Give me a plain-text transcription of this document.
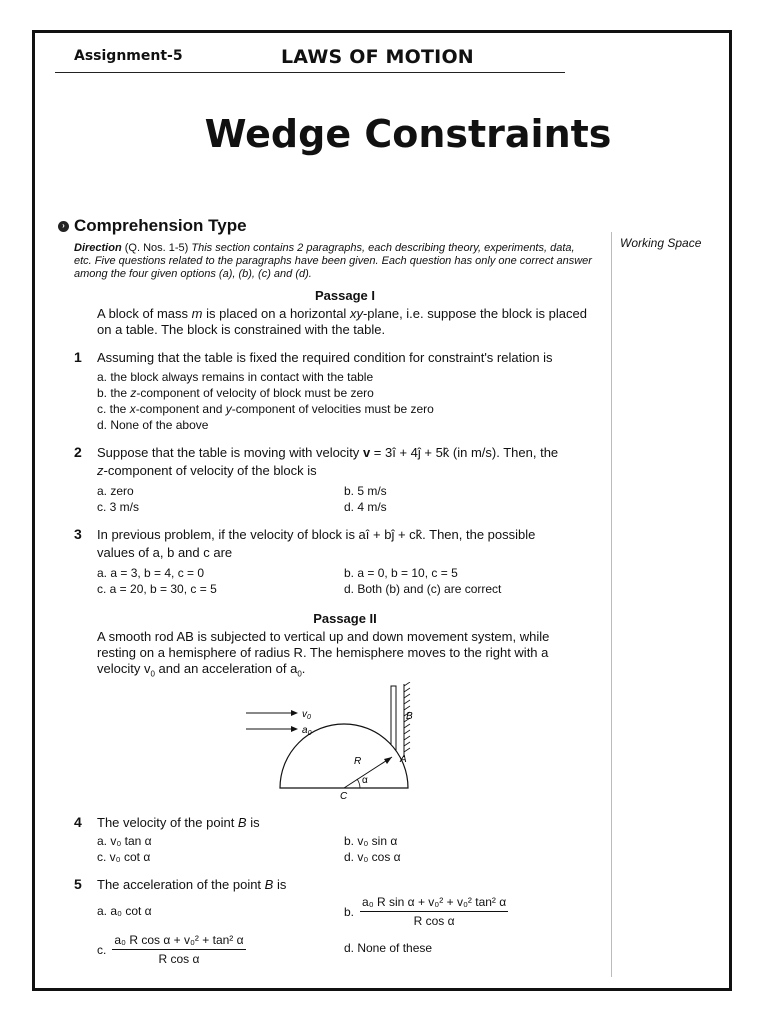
Assignment-5	LAWS OF MOTION
Wedge Constraints
› Comprehension Type
Working Space
Direction (Q. Nos. 1-5) This section contains 2 paragraphs, each describing theory, experiments, data, etc. Five questions related to the paragraphs have been given. Each question has only one correct answer among the four given options (a), (b), (c) and (d).
Passage I
A block of mass m is placed on a horizontal xy-plane, i.e. suppose the block is placed on a table. The block is constrained with the table.
1 Assuming that the table is fixed the required condition for constraint's relation is
a. the block always remains in contact with the table
b. the z-component of velocity of block must be zero
c. the x-component and y-component of velocities must be zero
d. None of the above
2 Suppose that the table is moving with velocity v = 3î + 4ĵ + 5k̂ (in m/s). Then, the
z-component of velocity of the block is
a. zero	b. 5 m/s
c. 3 m/s	d. 4 m/s
3 In previous problem, if the velocity of block is aî + bĵ + ck̂. Then, the possible
values of a, b and c are
a. a = 3, b = 4, c = 0	b. a = 0, b = 10, c = 5
c. a = 20, b = 30, c = 5	d. Both (b) and (c) are correct
Passage II
A smooth rod AB is subjected to vertical up and down movement system, while
resting on a hemisphere of radius R. The hemisphere moves to the right with a
velocity $v_0$ and an acceleration of $a_0$.
$v_0$
$a_0$
B
A
R
α
C
4 The velocity of the point B is
a. v₀ tan α	b. v₀ sin α
c. v₀ cot α	d. v₀ cos α
5 The acceleration of the point B is
a. a₀ cot α	b. $\frac{\text{a₀ R sin α + v₀² + v₀² tan² α}}{\text{R cos α}}$
c. $\frac{\text{a₀ R cos α + v₀² + tan² α}}{\text{R cos α}}$	d. None of these
